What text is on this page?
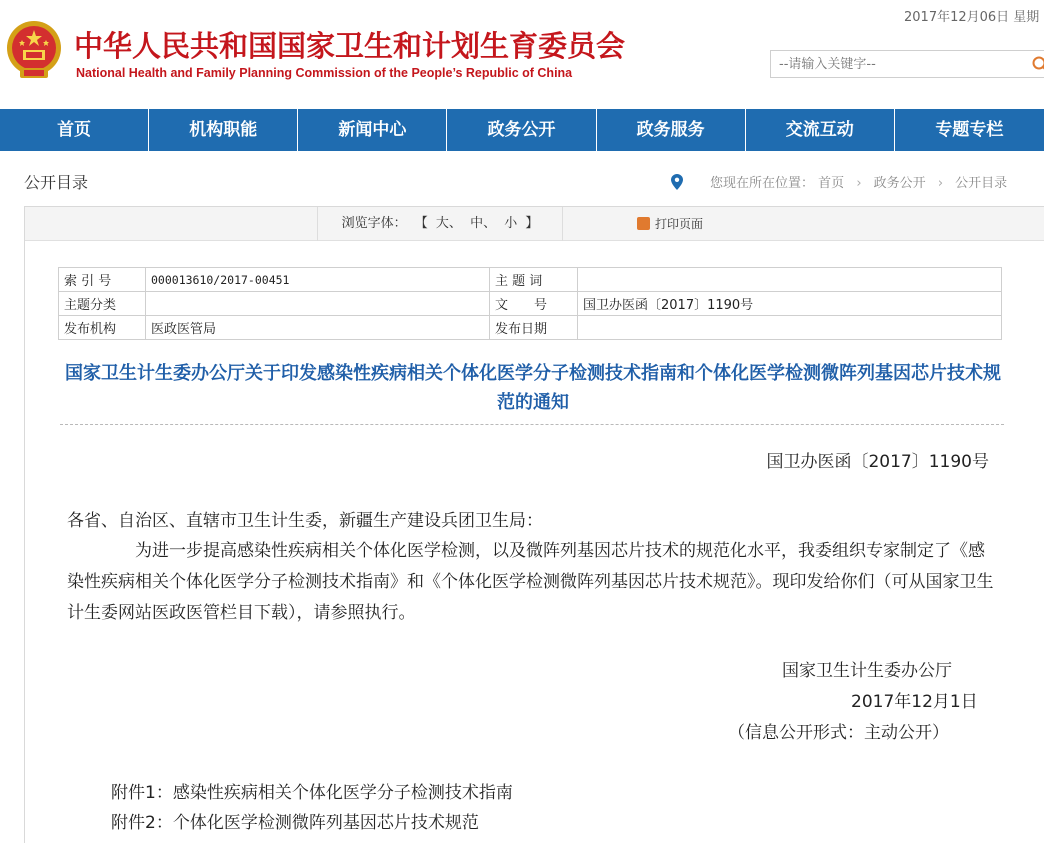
中华人民共和国国家卫生和计划生育委员会
National Health and Family Planning Commission of the People’s Republic of China
2017年12月06日 星期
--请输入关键字--
首页	机构职能	新闻中心	政务公开	政务服务	交流互动	专题专栏
公开目录	您现在所在位置： 首页 › 政务公开 › 公开目录
浏览字体： 【 大、 中、 小 】	打印页面
索 引 号	000013610/2017-00451	主 题 词	
主题分类		文　　号	国卫办医函〔2017〕1190号
发布机构	医政医管局	发布日期	
国家卫生计生委办公厅关于印发感染性疾病相关个体化医学分子检测技术指南和个体化医学检测微阵列基因芯片技术规范的通知
国卫办医函〔2017〕1190号
各省、自治区、直辖市卫生计生委，新疆生产建设兵团卫生局：
为进一步提高感染性疾病相关个体化医学检测，以及微阵列基因芯片技术的规范化水平，我委组织专家制定了《感染性疾病相关个体化医学分子检测技术指南》和《个体化医学检测微阵列基因芯片技术规范》。现印发给你们（可从国家卫生计生委网站医政医管栏目下载），请参照执行。
国家卫生计生委办公厅
2017年12月1日
（信息公开形式：主动公开）
附件1：感染性疾病相关个体化医学分子检测技术指南
附件2：个体化医学检测微阵列基因芯片技术规范
